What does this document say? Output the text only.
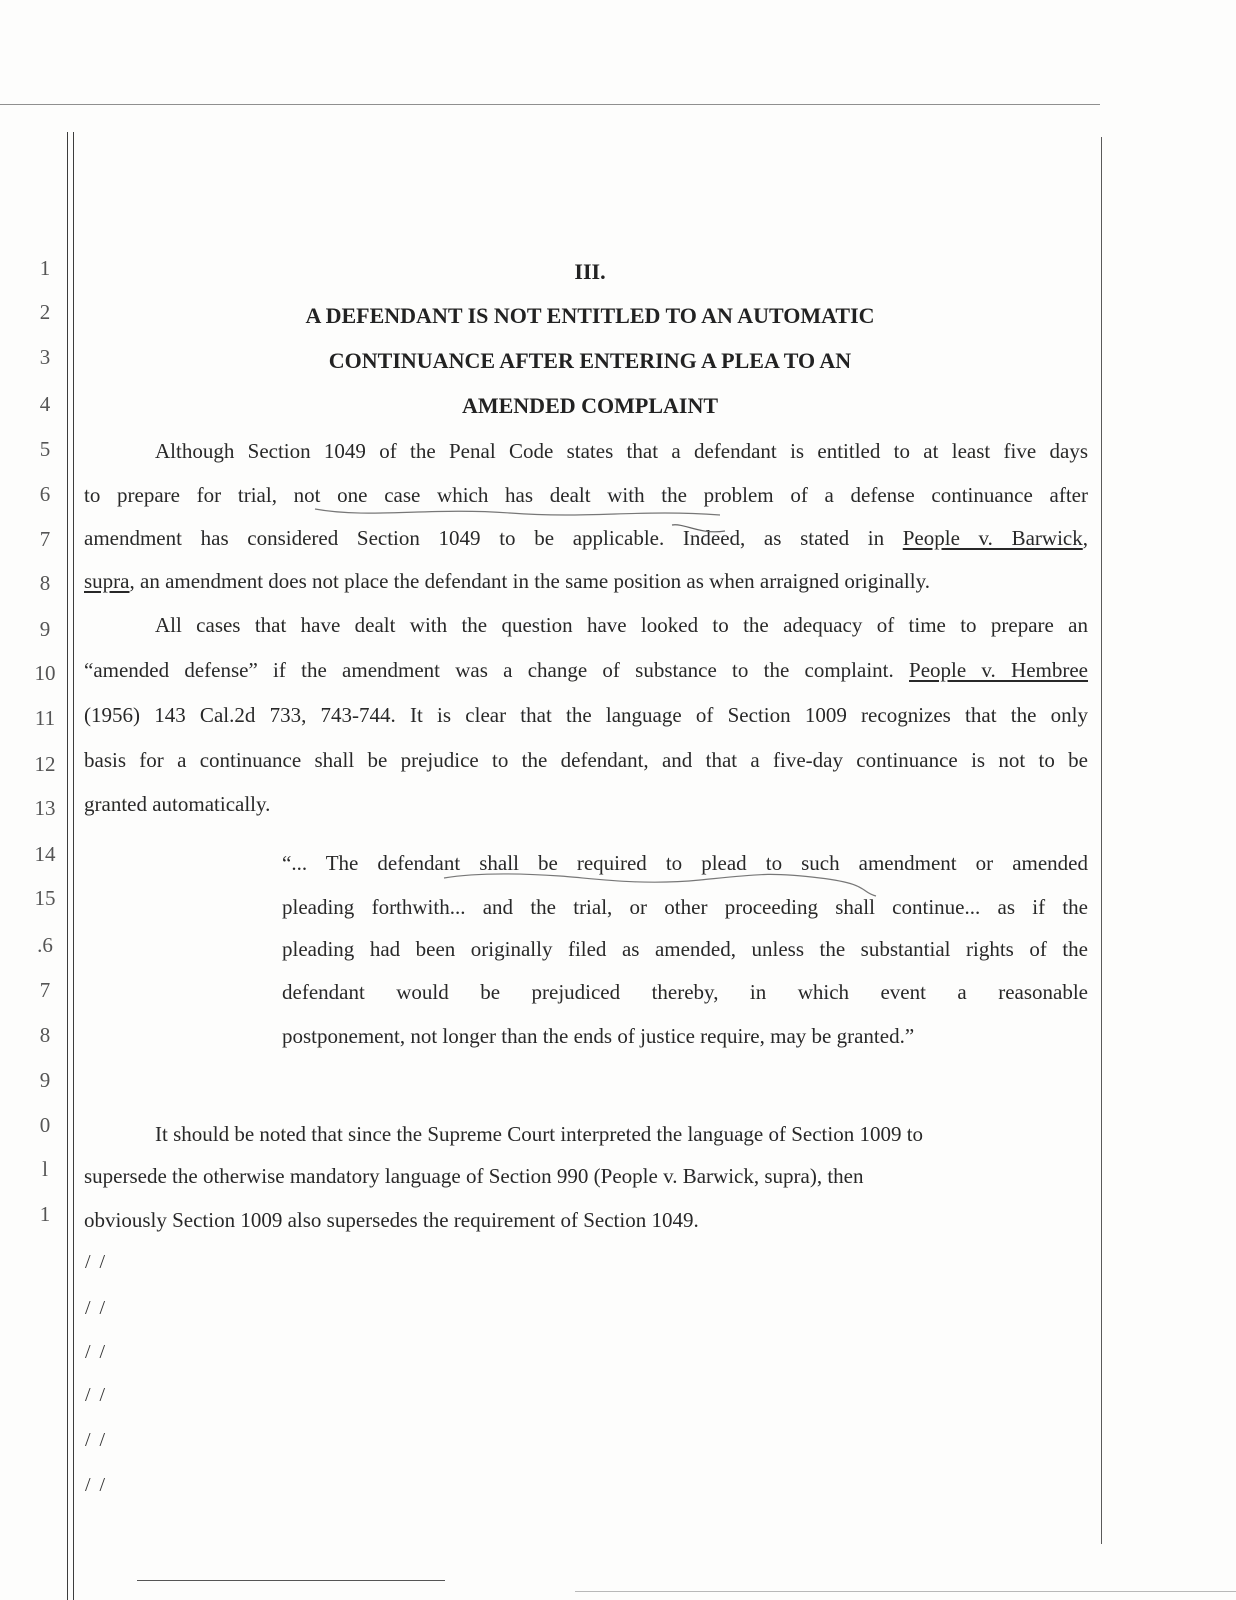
1
2
3
4
5
6
7
8
9
10
11
12
13
14
15
.6
7
8
9
0
l
1
III.
A DEFENDANT IS NOT ENTITLED TO AN AUTOMATIC
CONTINUANCE AFTER ENTERING A PLEA TO AN
AMENDED COMPLAINT
Although Section 1049 of the Penal Code states that a defendant is entitled to at least five days
to prepare for trial, not one case which has dealt with the problem of a defense continuance after
amendment has considered Section 1049 to be applicable. Indeed, as stated in People v. Barwick,
supra, an amendment does not place the defendant in the same position as when arraigned originally.
All cases that have dealt with the question have looked to the adequacy of time to prepare an
“amended defense” if the amendment was a change of substance to the complaint. People v. Hembree
(1956) 143 Cal.2d 733, 743-744. It is clear that the language of Section 1009 recognizes that the only
basis for a continuance shall be prejudice to the defendant, and that a five-day continuance is not to be
granted automatically.
“... The defendant shall be required to plead to such amendment or amended
pleading forthwith... and the trial, or other proceeding shall continue... as if the
pleading had been originally filed as amended, unless the substantial rights of the
defendant would be prejudiced thereby, in which event a reasonable
postponement, not longer than the ends of justice require, may be granted.”
It should be noted that since the Supreme Court interpreted the language of Section 1009 to
supersede the otherwise mandatory language of Section 990 (People v. Barwick, supra), then
obviously Section 1009 also supersedes the requirement of Section 1049.
/ /
/ /
/ /
/ /
/ /
/ /
